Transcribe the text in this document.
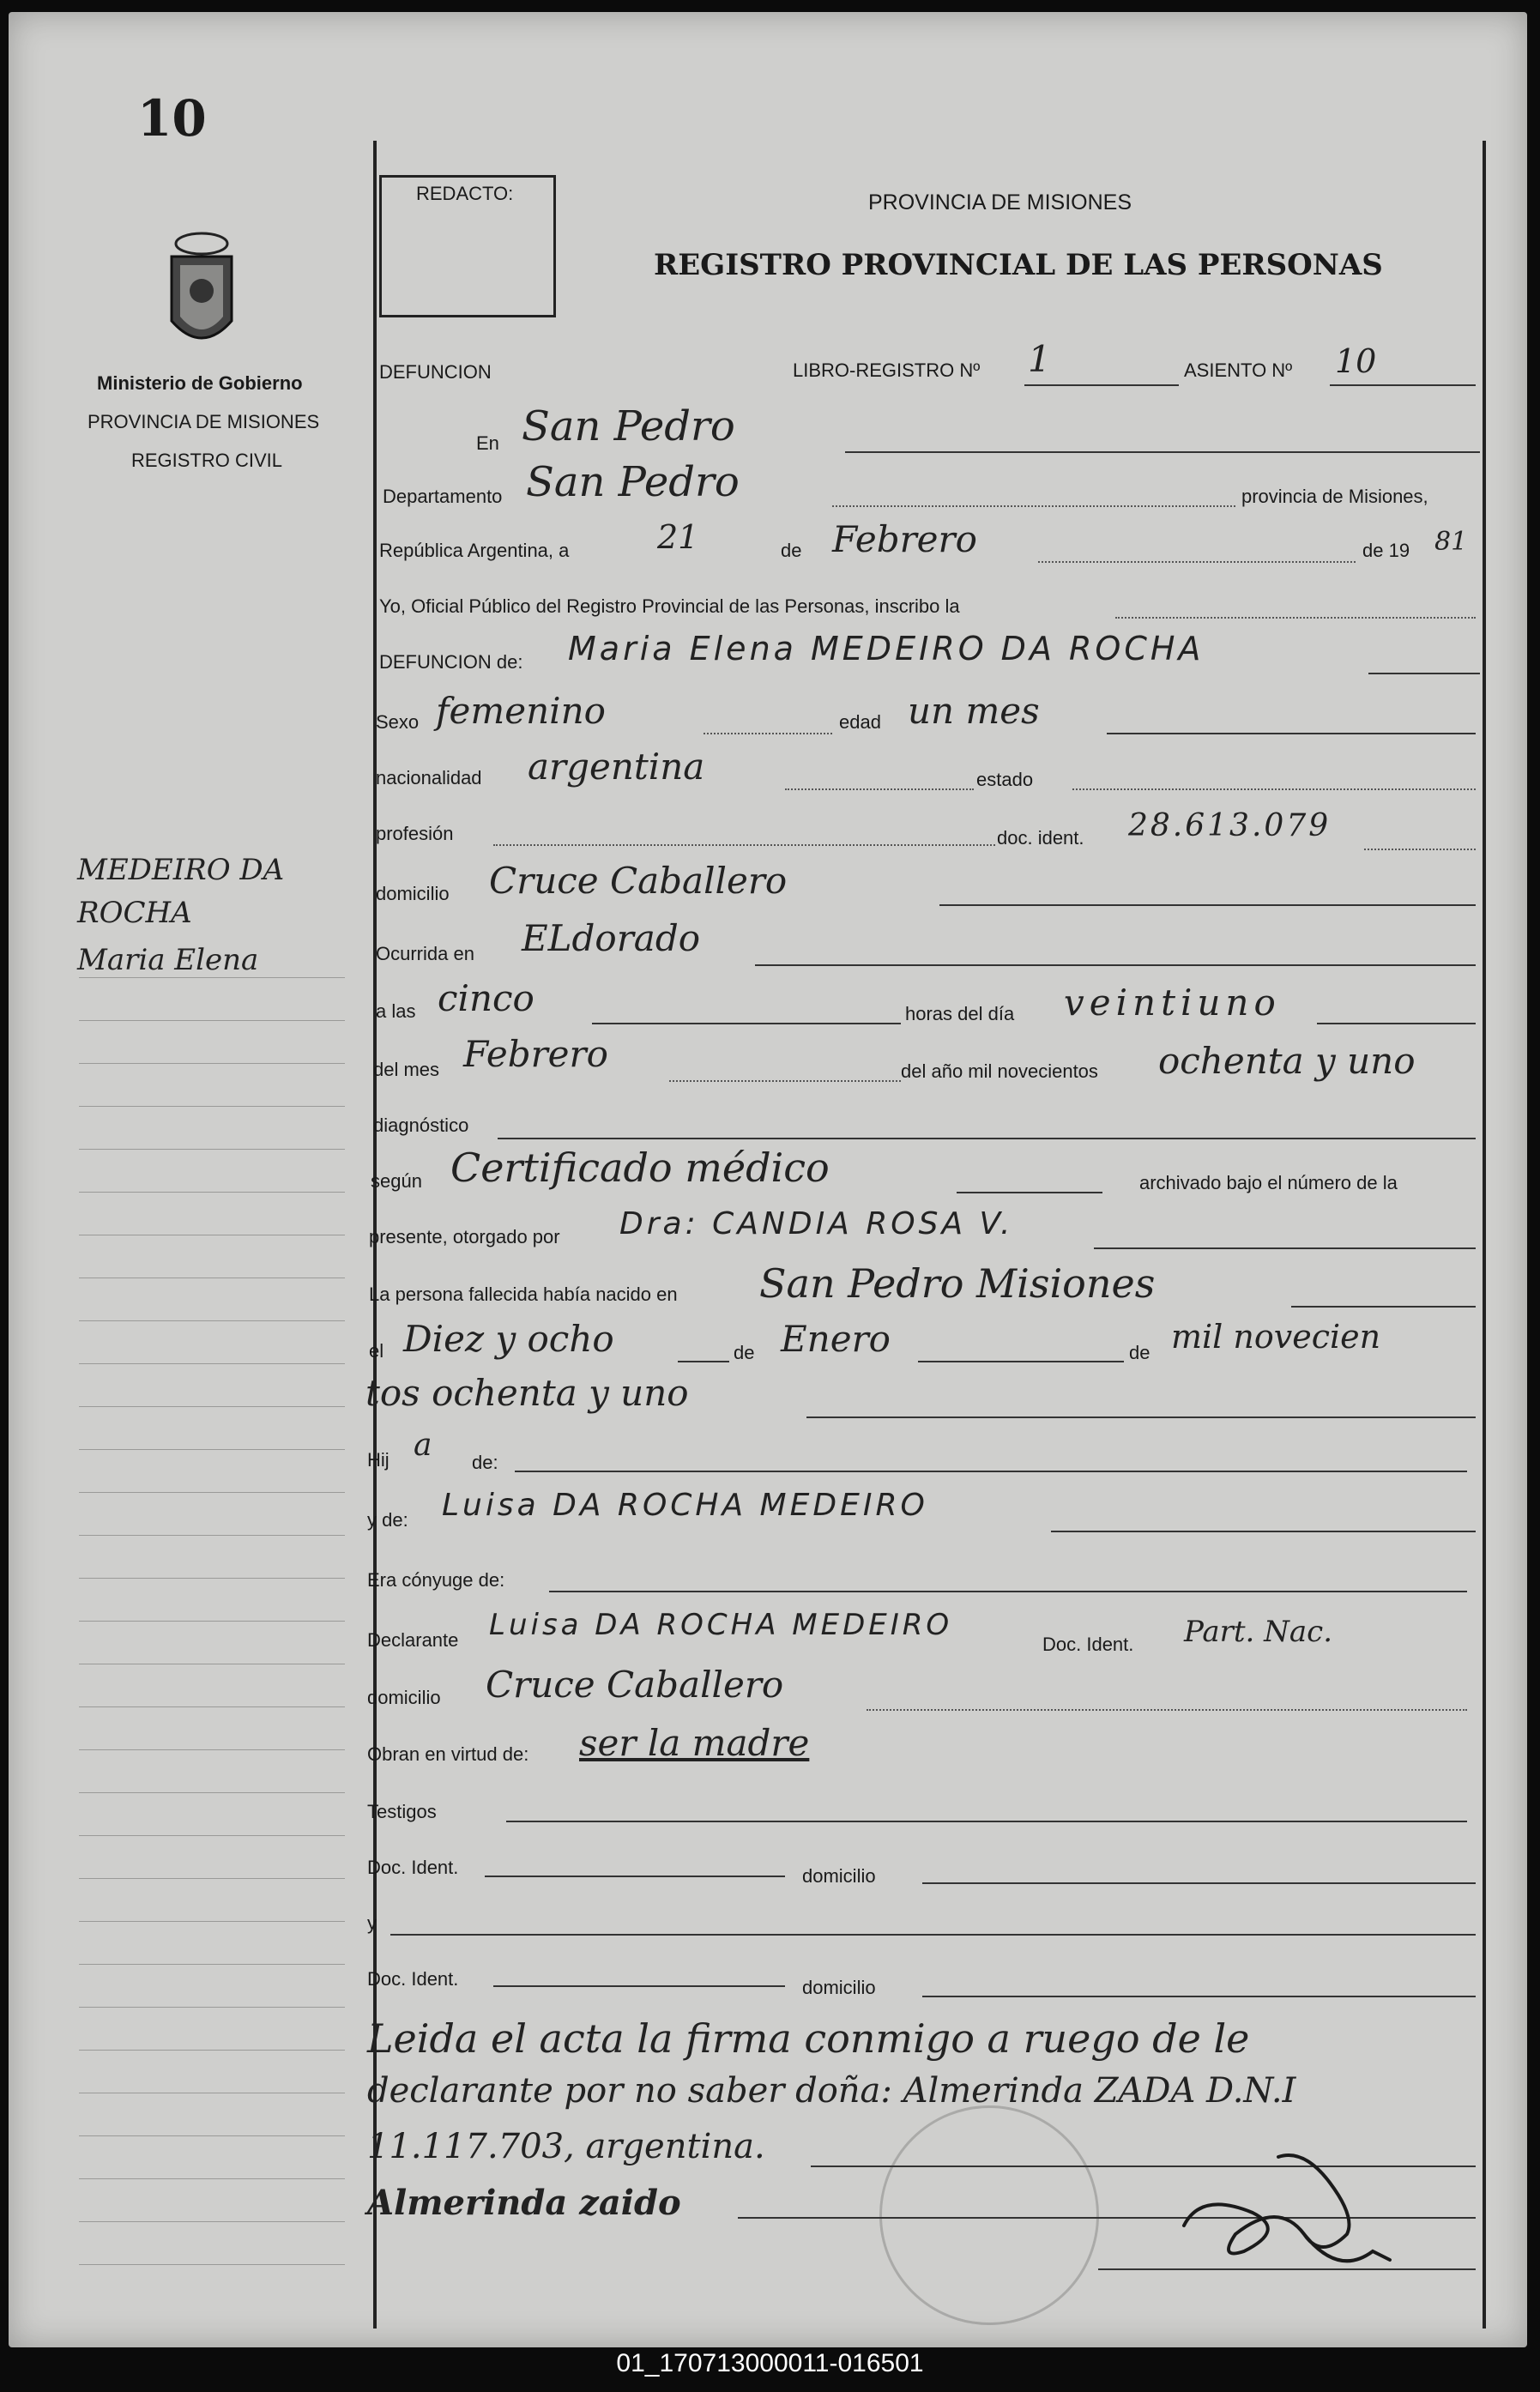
10
Ministerio de Gobierno
PROVINCIA DE MISIONES
REGISTRO CIVIL
MEDEIRO DA
ROCHA
Maria Elena
REDACTO:	PROVINCIA DE MISIONES
REGISTRO PROVINCIAL DE LAS PERSONAS
DEFUNCION	LIBRO-REGISTRO Nº 1	ASIENTO Nº 10
En San Pedro
Departamento San Pedro	provincia de Misiones,
República Argentina, a	21	de Febrero	de 19 81
Yo, Oficial Público del Registro Provincial de las Personas, inscribo la
DEFUNCION de: Maria Elena MEDEIRO DA ROCHA
Sexo femenino	edad un mes
nacionalidad argentina	estado
profesión	doc. ident. 28.613.079
domicilio Cruce Caballero
Ocurrida en ELdorado
a las cinco	horas del día veintiuno
del mes Febrero	del año mil novecientos ochenta y uno
diagnóstico
según Certificado médico	archivado bajo el número de la
presente, otorgado por Dra: CANDIA ROSA V.
La persona fallecida había nacido en San Pedro Misiones
el Diez y ocho	de Enero	de mil novecien
tos ochenta y uno
Hij a de:
y de: Luisa DA ROCHA MEDEIRO
Era cónyuge de:
Declarante Luisa DA ROCHA MEDEIRO
Doc. Ident. Part. Nac.
domicilio Cruce Caballero
Obran en virtud de: ser la madre
Testigos
Doc. Ident.	domicilio
y
Doc. Ident.	domicilio
Leida el acta la firma conmigo a ruego de le
declarante por no saber doña: Almerinda ZADA D.N.I
11.117.703, argentina.
Almerinda zaido
01_170713000011-016501
